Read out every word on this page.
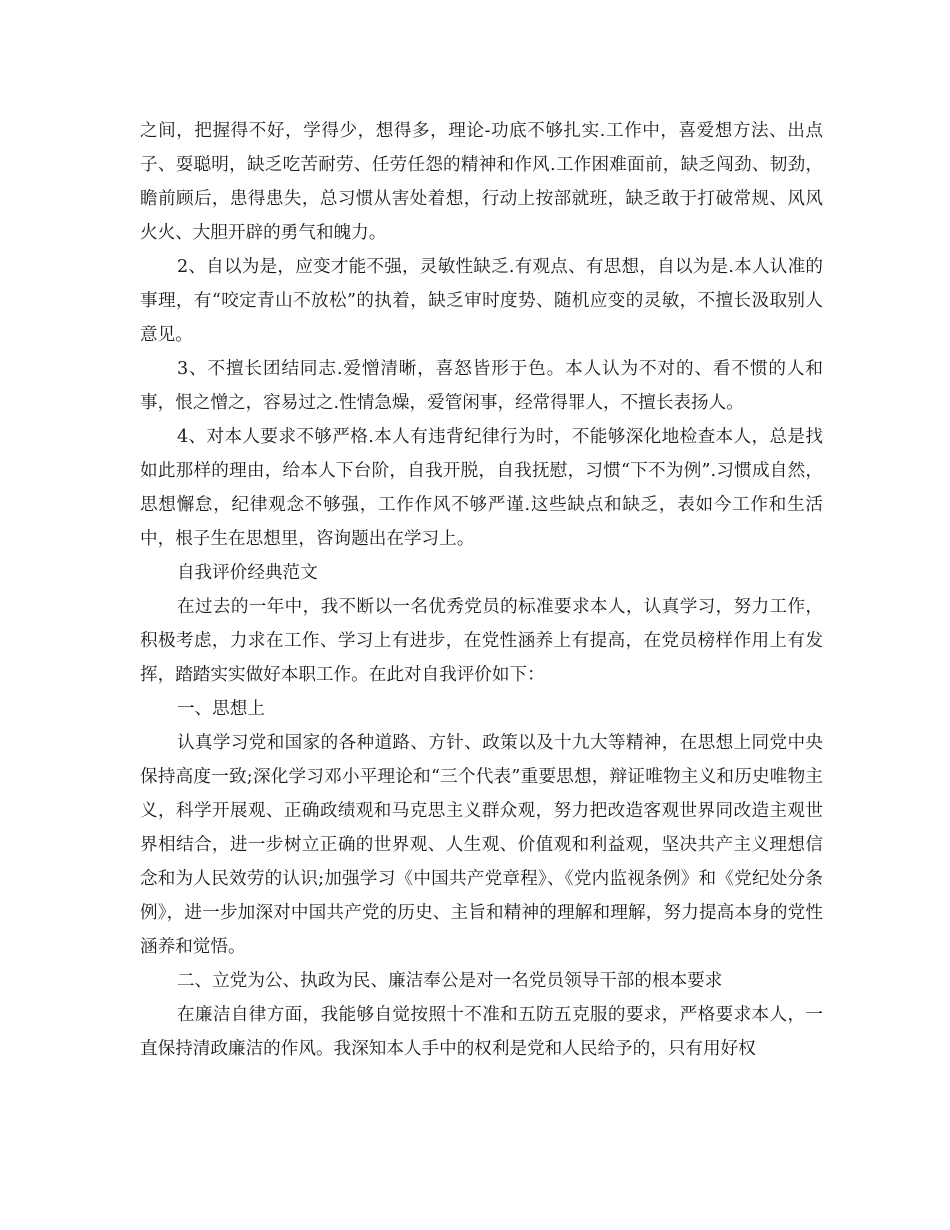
之间，把握得不好，学得少，想得多，理论-功底不够扎实.工作中，喜爱想方法、出点子、耍聪明，缺乏吃苦耐劳、任劳任怨的精神和作风.工作困难面前，缺乏闯劲、韧劲，瞻前顾后，患得患失，总习惯从害处着想，行动上按部就班，缺乏敢于打破常规、风风火火、大胆开辟的勇气和魄力。

2、自以为是，应变才能不强，灵敏性缺乏.有观点、有思想，自以为是.本人认准的事理，有“咬定青山不放松”的执着，缺乏审时度势、随机应变的灵敏，不擅长汲取别人意见。

3、不擅长团结同志.爱憎清晰，喜怒皆形于色。本人认为不对的、看不惯的人和事，恨之憎之，容易过之.性情急燥，爱管闲事，经常得罪人，不擅长表扬人。

4、对本人要求不够严格.本人有违背纪律行为时，不能够深化地检查本人，总是找如此那样的理由，给本人下台阶，自我开脱，自我抚慰，习惯“下不为例”.习惯成自然，思想懈怠，纪律观念不够强，工作作风不够严谨.这些缺点和缺乏，表如今工作和生活中，根子生在思想里，咨询题出在学习上。

自我评价经典范文

在过去的一年中，我不断以一名优秀党员的标准要求本人，认真学习，努力工作，积极考虑，力求在工作、学习上有进步，在党性涵养上有提高，在党员榜样作用上有发挥，踏踏实实做好本职工作。在此对自我评价如下：

一、思想上

认真学习党和国家的各种道路、方针、政策以及十九大等精神，在思想上同党中央保持高度一致;深化学习邓小平理论和“三个代表”重要思想，辩证唯物主义和历史唯物主义，科学开展观、正确政绩观和马克思主义群众观，努力把改造客观世界同改造主观世界相结合，进一步树立正确的世界观、人生观、价值观和利益观，坚决共产主义理想信念和为人民效劳的认识;加强学习《中国共产党章程》、《党内监视条例》和《党纪处分条例》，进一步加深对中国共产党的历史、主旨和精神的理解和理解，努力提高本身的党性涵养和觉悟。

二、立党为公、执政为民、廉洁奉公是对一名党员领导干部的根本要求

在廉洁自律方面，我能够自觉按照十不准和五防五克服的要求，严格要求本人，一直保持清政廉洁的作风。我深知本人手中的权利是党和人民给予的，只有用好权
